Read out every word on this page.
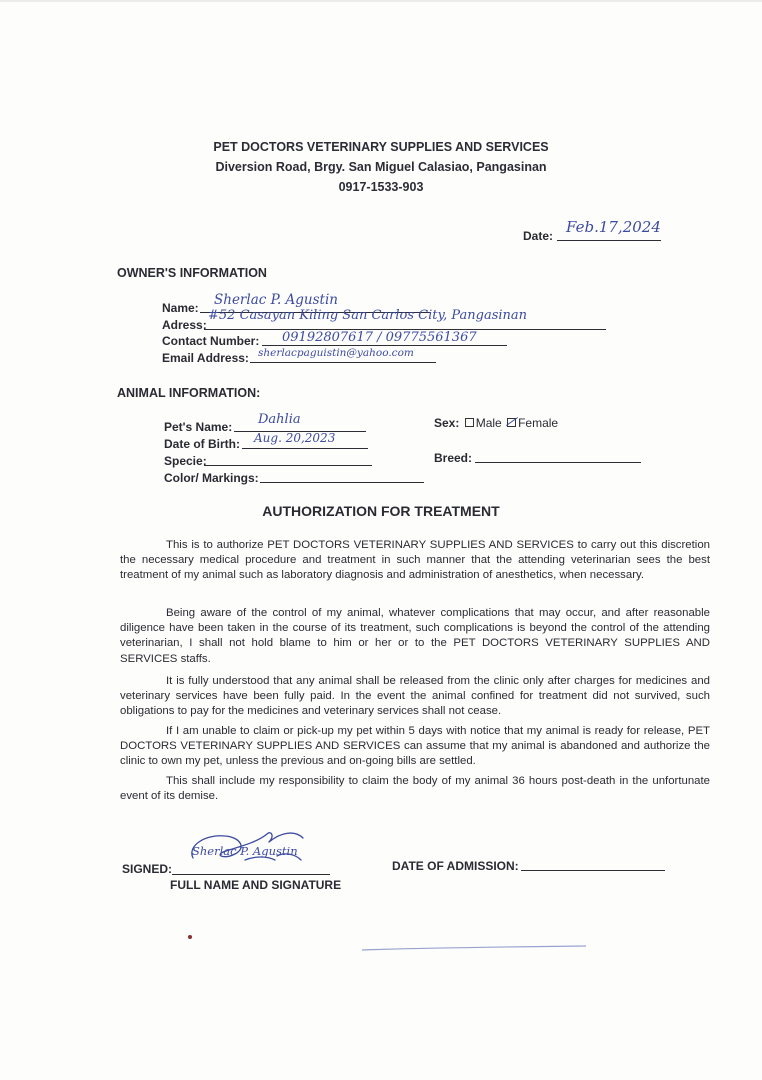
PET DOCTORS VETERINARY SUPPLIES AND SERVICES
Diversion Road, Brgy. San Miguel Calasiao, Pangasinan
0917-1533-903
Date: Feb.17,2024
OWNER'S INFORMATION
Name: Sherlac P. Agustin
Adress:
#52 Casayan Kiling San Carlos City, Pangasinan
Contact Number: 09192807617 / 09775561367
Email Address: sherlacpaguistin@yahoo.com
ANIMAL INFORMATION:
Pet's Name: Dahlia
Date of Birth: Aug. 20,2023
Specie:
Color/ Markings:
Sex: Male Female
Breed:
AUTHORIZATION FOR TREATMENT
This is to authorize PET DOCTORS VETERINARY SUPPLIES AND SERVICES to carry out this discretion the necessary medical procedure and treatment in such manner that the attending veterinarian sees the best treatment of my animal such as laboratory diagnosis and administration of anesthetics, when necessary.
Being aware of the control of my animal, whatever complications that may occur, and after reasonable diligence have been taken in the course of its treatment, such complications is beyond the control of the attending veterinarian, I shall not hold blame to him or her or to the PET DOCTORS VETERINARY SUPPLIES AND SERVICES staffs.
It is fully understood that any animal shall be released from the clinic only after charges for medicines and veterinary services have been fully paid. In the event the animal confined for treatment did not survived, such obligations to pay for the medicines and veterinary services shall not cease.
If I am unable to claim or pick-up my pet within 5 days with notice that my animal is ready for release, PET DOCTORS VETERINARY SUPPLIES AND SERVICES can assume that my animal is abandoned and authorize the clinic to own my pet, unless the previous and on-going bills are settled.
This shall include my responsibility to claim the body of my animal 36 hours post-death in the unfortunate event of its demise.
SIGNED:
FULL NAME AND SIGNATURE
Sherlac P. Agustin
DATE OF ADMISSION:
